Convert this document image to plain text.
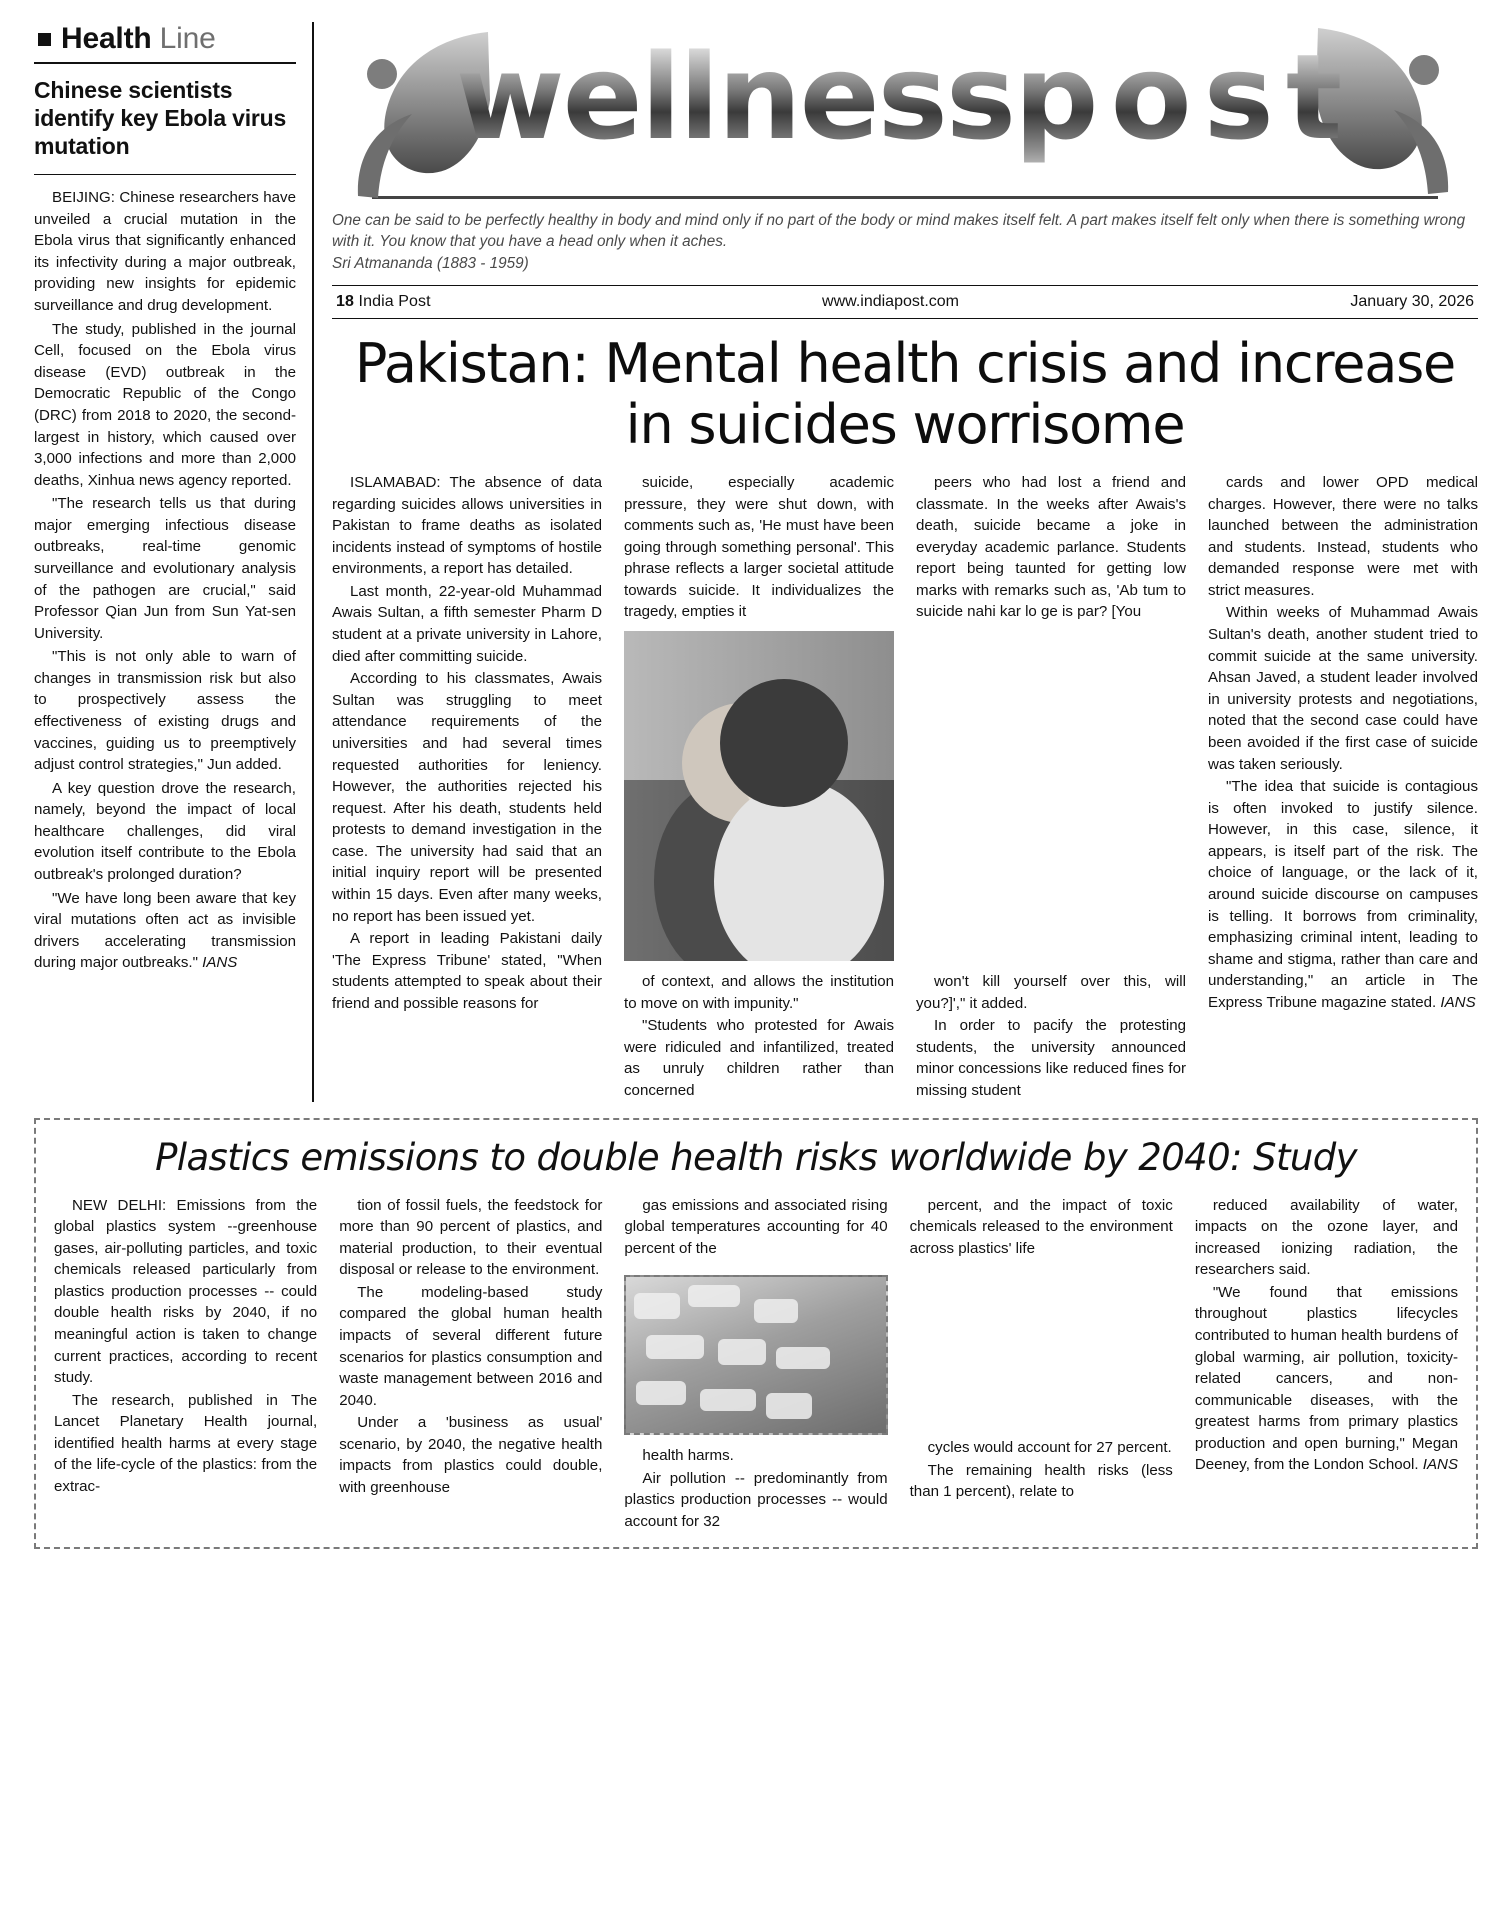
Health Line
Chinese scientists identify key Ebola virus mutation

BEIJING: Chinese researchers have unveiled a crucial mutation in the Ebola virus that significantly enhanced its infectivity during a major outbreak, providing new insights for epidemic surveillance and drug development.

The study, published in the journal Cell, focused on the Ebola virus disease (EVD) outbreak in the Democratic Republic of the Congo (DRC) from 2018 to 2020, the second-largest in history, which caused over 3,000 infections and more than 2,000 deaths, Xinhua news agency reported.

"The research tells us that during major emerging infectious disease outbreaks, real-time genomic surveillance and evolutionary analysis of the pathogen are crucial," said Professor Qian Jun from Sun Yat-sen University.

"This is not only able to warn of changes in transmission risk but also to prospectively assess the effectiveness of existing drugs and vaccines, guiding us to preemptively adjust control strategies," Jun added.

A key question drove the research, namely, beyond the impact of local healthcare challenges, did viral evolution itself contribute to the Ebola outbreak's prolonged duration?

"We have long been aware that key viral mutations often act as invisible drivers accelerating transmission during major outbreaks." IANS

wellnesspost
One can be said to be perfectly healthy in body and mind only if no part of the body or mind makes itself felt. A part makes itself felt only when there is something wrong with it. You know that you have a head only when it aches.
Sri Atmananda (1883 - 1959)
18 India Post	www.indiapost.com	January 30, 2026
Pakistan: Mental health crisis and increase in suicides worrisome

ISLAMABAD: The absence of data regarding suicides allows universities in Pakistan to frame deaths as isolated incidents instead of symptoms of hostile environments, a report has detailed.

Last month, 22-year-old Muhammad Awais Sultan, a fifth semester Pharm D student at a private university in Lahore, died after committing suicide.

According to his classmates, Awais Sultan was struggling to meet attendance requirements of the universities and had several times requested authorities for leniency. However, the authorities rejected his request. After his death, students held protests to demand investigation in the case. The university had said that an initial inquiry report will be presented within 15 days. Even after many weeks, no report has been issued yet.

A report in leading Pakistani daily 'The Express Tribune' stated, "When students attempted to speak about their friend and possible reasons for

suicide, especially academic pressure, they were shut down, with comments such as, 'He must have been going through something personal'. This phrase reflects a larger societal attitude towards suicide. It individualizes the tragedy, empties it

of context, and allows the institution to move on with impunity."

"Students who protested for Awais were ridiculed and infantilized, treated as unruly children rather than concerned

peers who had lost a friend and classmate. In the weeks after Awais's death, suicide became a joke in everyday academic parlance. Students report being taunted for getting low marks with remarks such as, 'Ab tum to suicide nahi kar lo ge is par? [You

won't kill yourself over this, will you?]'," it added.

In order to pacify the protesting students, the university announced minor concessions like reduced fines for missing student

cards and lower OPD medical charges. However, there were no talks launched between the administration and students. Instead, students who demanded response were met with strict measures.

Within weeks of Muhammad Awais Sultan's death, another student tried to commit suicide at the same university. Ahsan Javed, a student leader involved in university protests and negotiations, noted that the second case could have been avoided if the first case of suicide was taken seriously.

"The idea that suicide is contagious is often invoked to justify silence. However, in this case, silence, it appears, is itself part of the risk. The choice of language, or the lack of it, around suicide discourse on campuses is telling. It borrows from criminality, emphasizing criminal intent, leading to shame and stigma, rather than care and understanding," an article in The Express Tribune magazine stated. IANS

Plastics emissions to double health risks worldwide by 2040: Study

NEW DELHI: Emissions from the global plastics system --greenhouse gases, air-polluting particles, and toxic chemicals released particularly from plastics production processes -- could double health risks by 2040, if no meaningful action is taken to change current practices, according to recent study.

The research, published in The Lancet Planetary Health journal, identified health harms at every stage of the life-cycle of the plastics: from the extrac-

tion of fossil fuels, the feedstock for more than 90 percent of plastics, and material production, to their eventual disposal or release to the environment.

The modeling-based study compared the global human health impacts of several different future scenarios for plastics consumption and waste management between 2016 and 2040.

Under a 'business as usual' scenario, by 2040, the negative health impacts from plastics could double, with greenhouse

gas emissions and associated rising global temperatures accounting for 40 percent of the

health harms.

Air pollution -- predominantly from plastics production processes -- would account for 32

percent, and the impact of toxic chemicals released to the environment across plastics' life

cycles would account for 27 percent.

The remaining health risks (less than 1 percent), relate to

reduced availability of water, impacts on the ozone layer, and increased ionizing radiation, the researchers said.

"We found that emissions throughout plastics lifecycles contributed to human health burdens of global warming, air pollution, toxicity-related cancers, and non-communicable diseases, with the greatest harms from primary plastics production and open burning," Megan Deeney, from the London School. IANS
